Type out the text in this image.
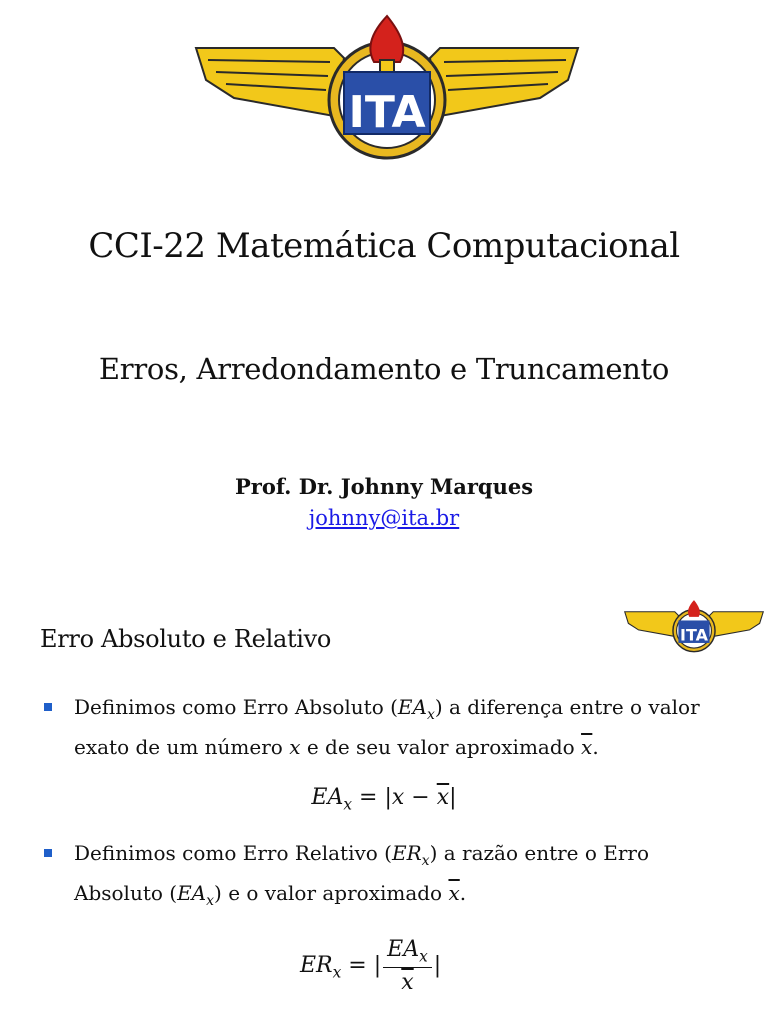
ITA
CCI-22 Matemática Computacional
Erros, Arredondamento e Truncamento
Prof. Dr. Johnny Marques
johnny@ita.br
Erro Absoluto e Relativo	ITA
Definimos como Erro Absoluto $(EA_x)$ a diferença entre o valor exato de um número x e de seu valor aproximado $\overline{x}$.
$EA_x = |x - \overline{x}|$
Definimos como Erro Relativo $(ER_x)$ a razão entre o Erro Absoluto $(EA_x)$ e o valor aproximado $\overline{x}$.
$ER_x$ = | $\frac{EA_x}{x}$ |
